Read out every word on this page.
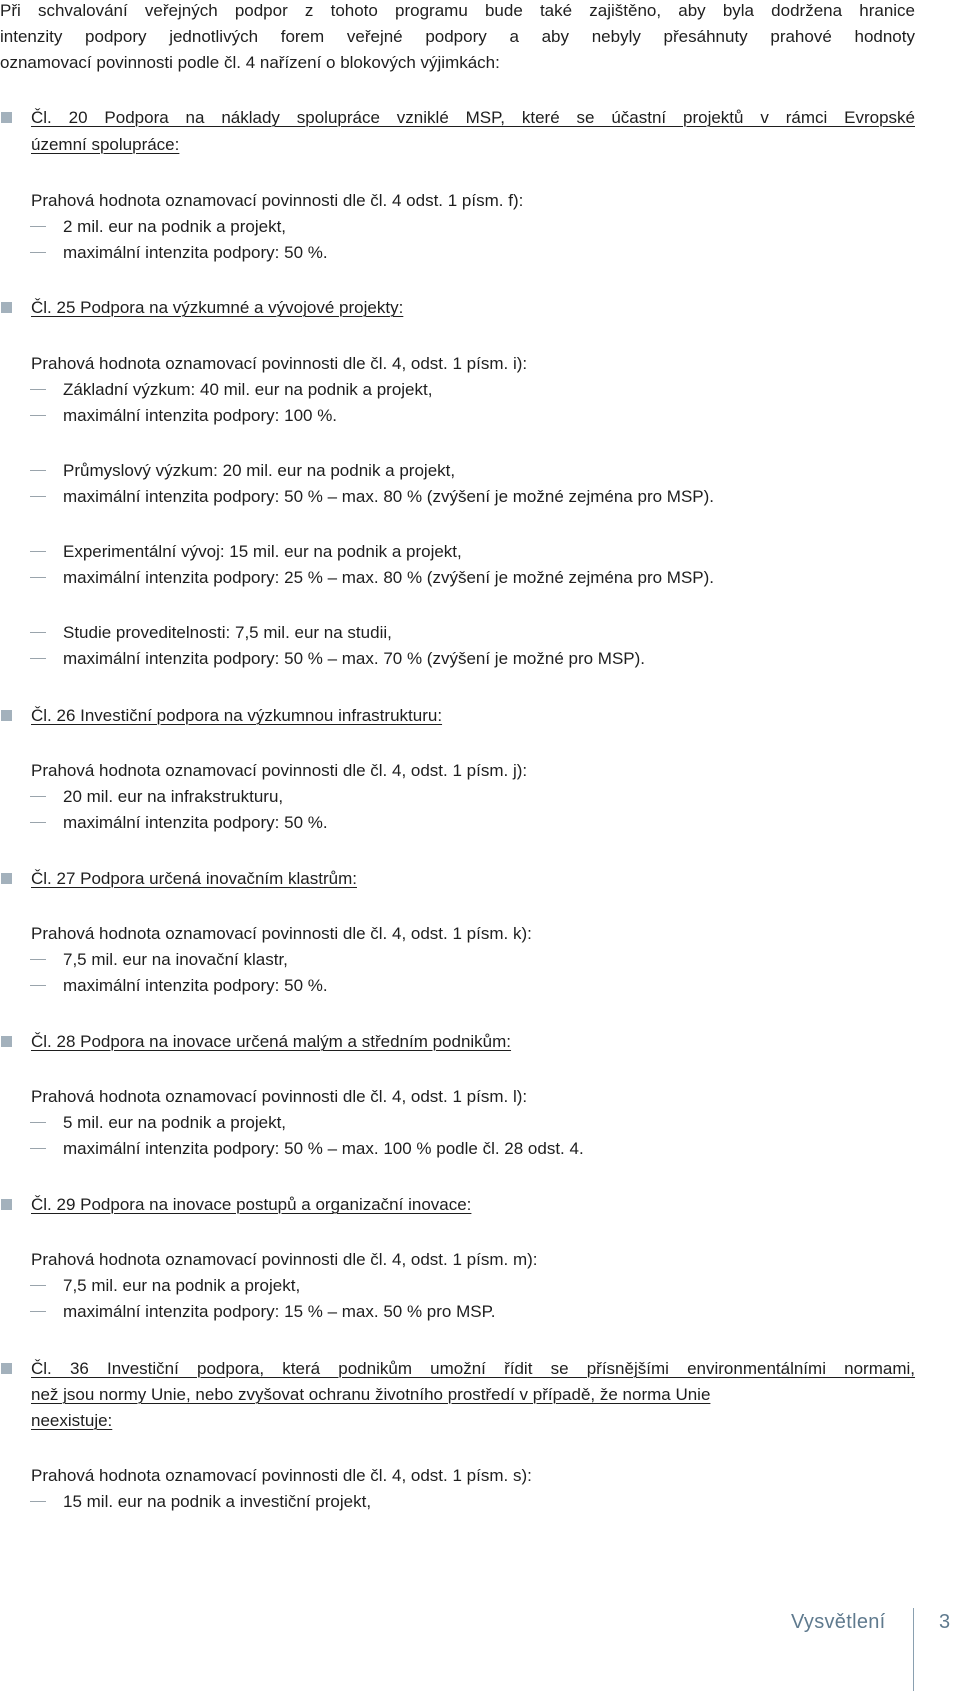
Při schvalování veřejných podpor z tohoto programu bude také zajištěno, aby byla dodržena hranice
intenzity podpory jednotlivých forem veřejné podpory a aby nebyly přesáhnuty prahové hodnoty
oznamovací povinnosti podle čl. 4 nařízení o blokových výjimkách:
Čl. 20 Podpora na náklady spolupráce vzniklé MSP, které se účastní projektů v rámci Evropské
územní spolupráce:
Prahová hodnota oznamovací povinnosti dle čl. 4 odst. 1 písm. f):
2 mil. eur na podnik a projekt,
maximální intenzita podpory: 50 %.
Čl. 25 Podpora na výzkumné a vývojové projekty:
Prahová hodnota oznamovací povinnosti dle čl. 4, odst. 1 písm. i):
Základní výzkum: 40 mil. eur na podnik a projekt,
maximální intenzita podpory: 100 %.
Průmyslový výzkum: 20 mil. eur na podnik a projekt,
maximální intenzita podpory: 50 % – max. 80 % (zvýšení je možné zejména pro MSP).
Experimentální vývoj: 15 mil. eur na podnik a projekt,
maximální intenzita podpory: 25 % – max. 80 % (zvýšení je možné zejména pro MSP).
Studie proveditelnosti: 7,5 mil. eur na studii,
maximální intenzita podpory: 50 % – max. 70 % (zvýšení je možné pro MSP).
Čl. 26 Investiční podpora na výzkumnou infrastrukturu:
Prahová hodnota oznamovací povinnosti dle čl. 4, odst. 1 písm. j):
20 mil. eur na infrakstrukturu,
maximální intenzita podpory: 50 %.
Čl. 27 Podpora určená inovačním klastrům:
Prahová hodnota oznamovací povinnosti dle čl. 4, odst. 1 písm. k):
7,5 mil. eur na inovační klastr,
maximální intenzita podpory: 50 %.
Čl. 28 Podpora na inovace určená malým a středním podnikům:
Prahová hodnota oznamovací povinnosti dle čl. 4, odst. 1 písm. l):
5 mil. eur na podnik a projekt,
maximální intenzita podpory: 50 % – max. 100 % podle čl. 28 odst. 4.
Čl. 29 Podpora na inovace postupů a organizační inovace:
Prahová hodnota oznamovací povinnosti dle čl. 4, odst. 1 písm. m):
7,5 mil. eur na podnik a projekt,
maximální intenzita podpory: 15 % – max. 50 % pro MSP.
Čl. 36 Investiční podpora, která podnikům umožní řídit se přísnějšími environmentálními normami,
než jsou normy Unie, nebo zvyšovat ochranu životního prostředí v případě, že norma Unie
neexistuje:
Prahová hodnota oznamovací povinnosti dle čl. 4, odst. 1 písm. s):
15 mil. eur na podnik a investiční projekt,
Vysvětlení	3
